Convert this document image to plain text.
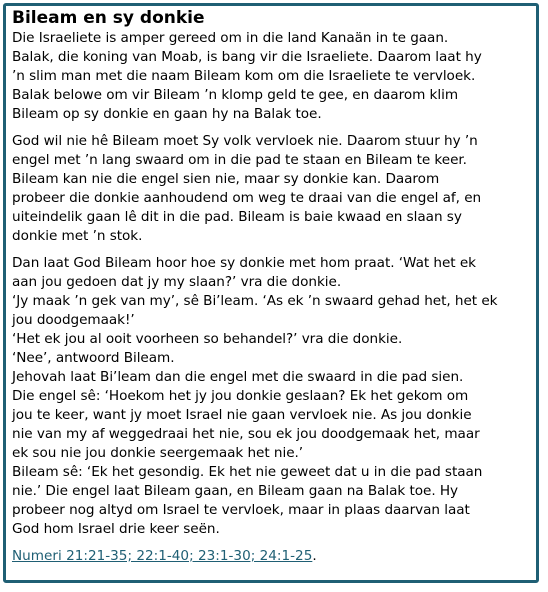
Bileam en sy donkie
Die Israeliete is amper gereed om in die land Kanaän in te gaan.
Balak, die koning van Moab, is bang vir die Israeliete. Daarom laat hy
’n slim man met die naam Bileam kom om die Israeliete te vervloek.
Balak belowe om vir Bileam ’n klomp geld te gee, en daarom klim
Bileam op sy donkie en gaan hy na Balak toe.
God wil nie hê Bileam moet Sy volk vervloek nie. Daarom stuur hy ’n
engel met ’n lang swaard om in die pad te staan en Bileam te keer.
Bileam kan nie die engel sien nie, maar sy donkie kan. Daarom
probeer die donkie aanhoudend om weg te draai van die engel af, en
uiteindelik gaan lê dit in die pad. Bileam is baie kwaad en slaan sy
donkie met ’n stok.
Dan laat God Bileam hoor hoe sy donkie met hom praat. ‘Wat het ek
aan jou gedoen dat jy my slaan?’ vra die donkie.
‘Jy maak ’n gek van my’, sê Bi’leam. ‘As ek ’n swaard gehad het, het ek
jou doodgemaak!’
‘Het ek jou al ooit voorheen so behandel?’ vra die donkie.
‘Nee’, antwoord Bileam.
Jehovah laat Bi’leam dan die engel met die swaard in die pad sien.
Die engel sê: ‘Hoekom het jy jou donkie geslaan? Ek het gekom om
jou te keer, want jy moet Israel nie gaan vervloek nie. As jou donkie
nie van my af weggedraai het nie, sou ek jou doodgemaak het, maar
ek sou nie jou donkie seergemaak het nie.’
Bileam sê: ‘Ek het gesondig. Ek het nie geweet dat u in die pad staan
nie.’ Die engel laat Bileam gaan, en Bileam gaan na Balak toe. Hy
probeer nog altyd om Israel te vervloek, maar in plaas daarvan laat
God hom Israel drie keer seën.
Numeri 21:21-35; 22:1-40; 23:1-30; 24:1-25.
